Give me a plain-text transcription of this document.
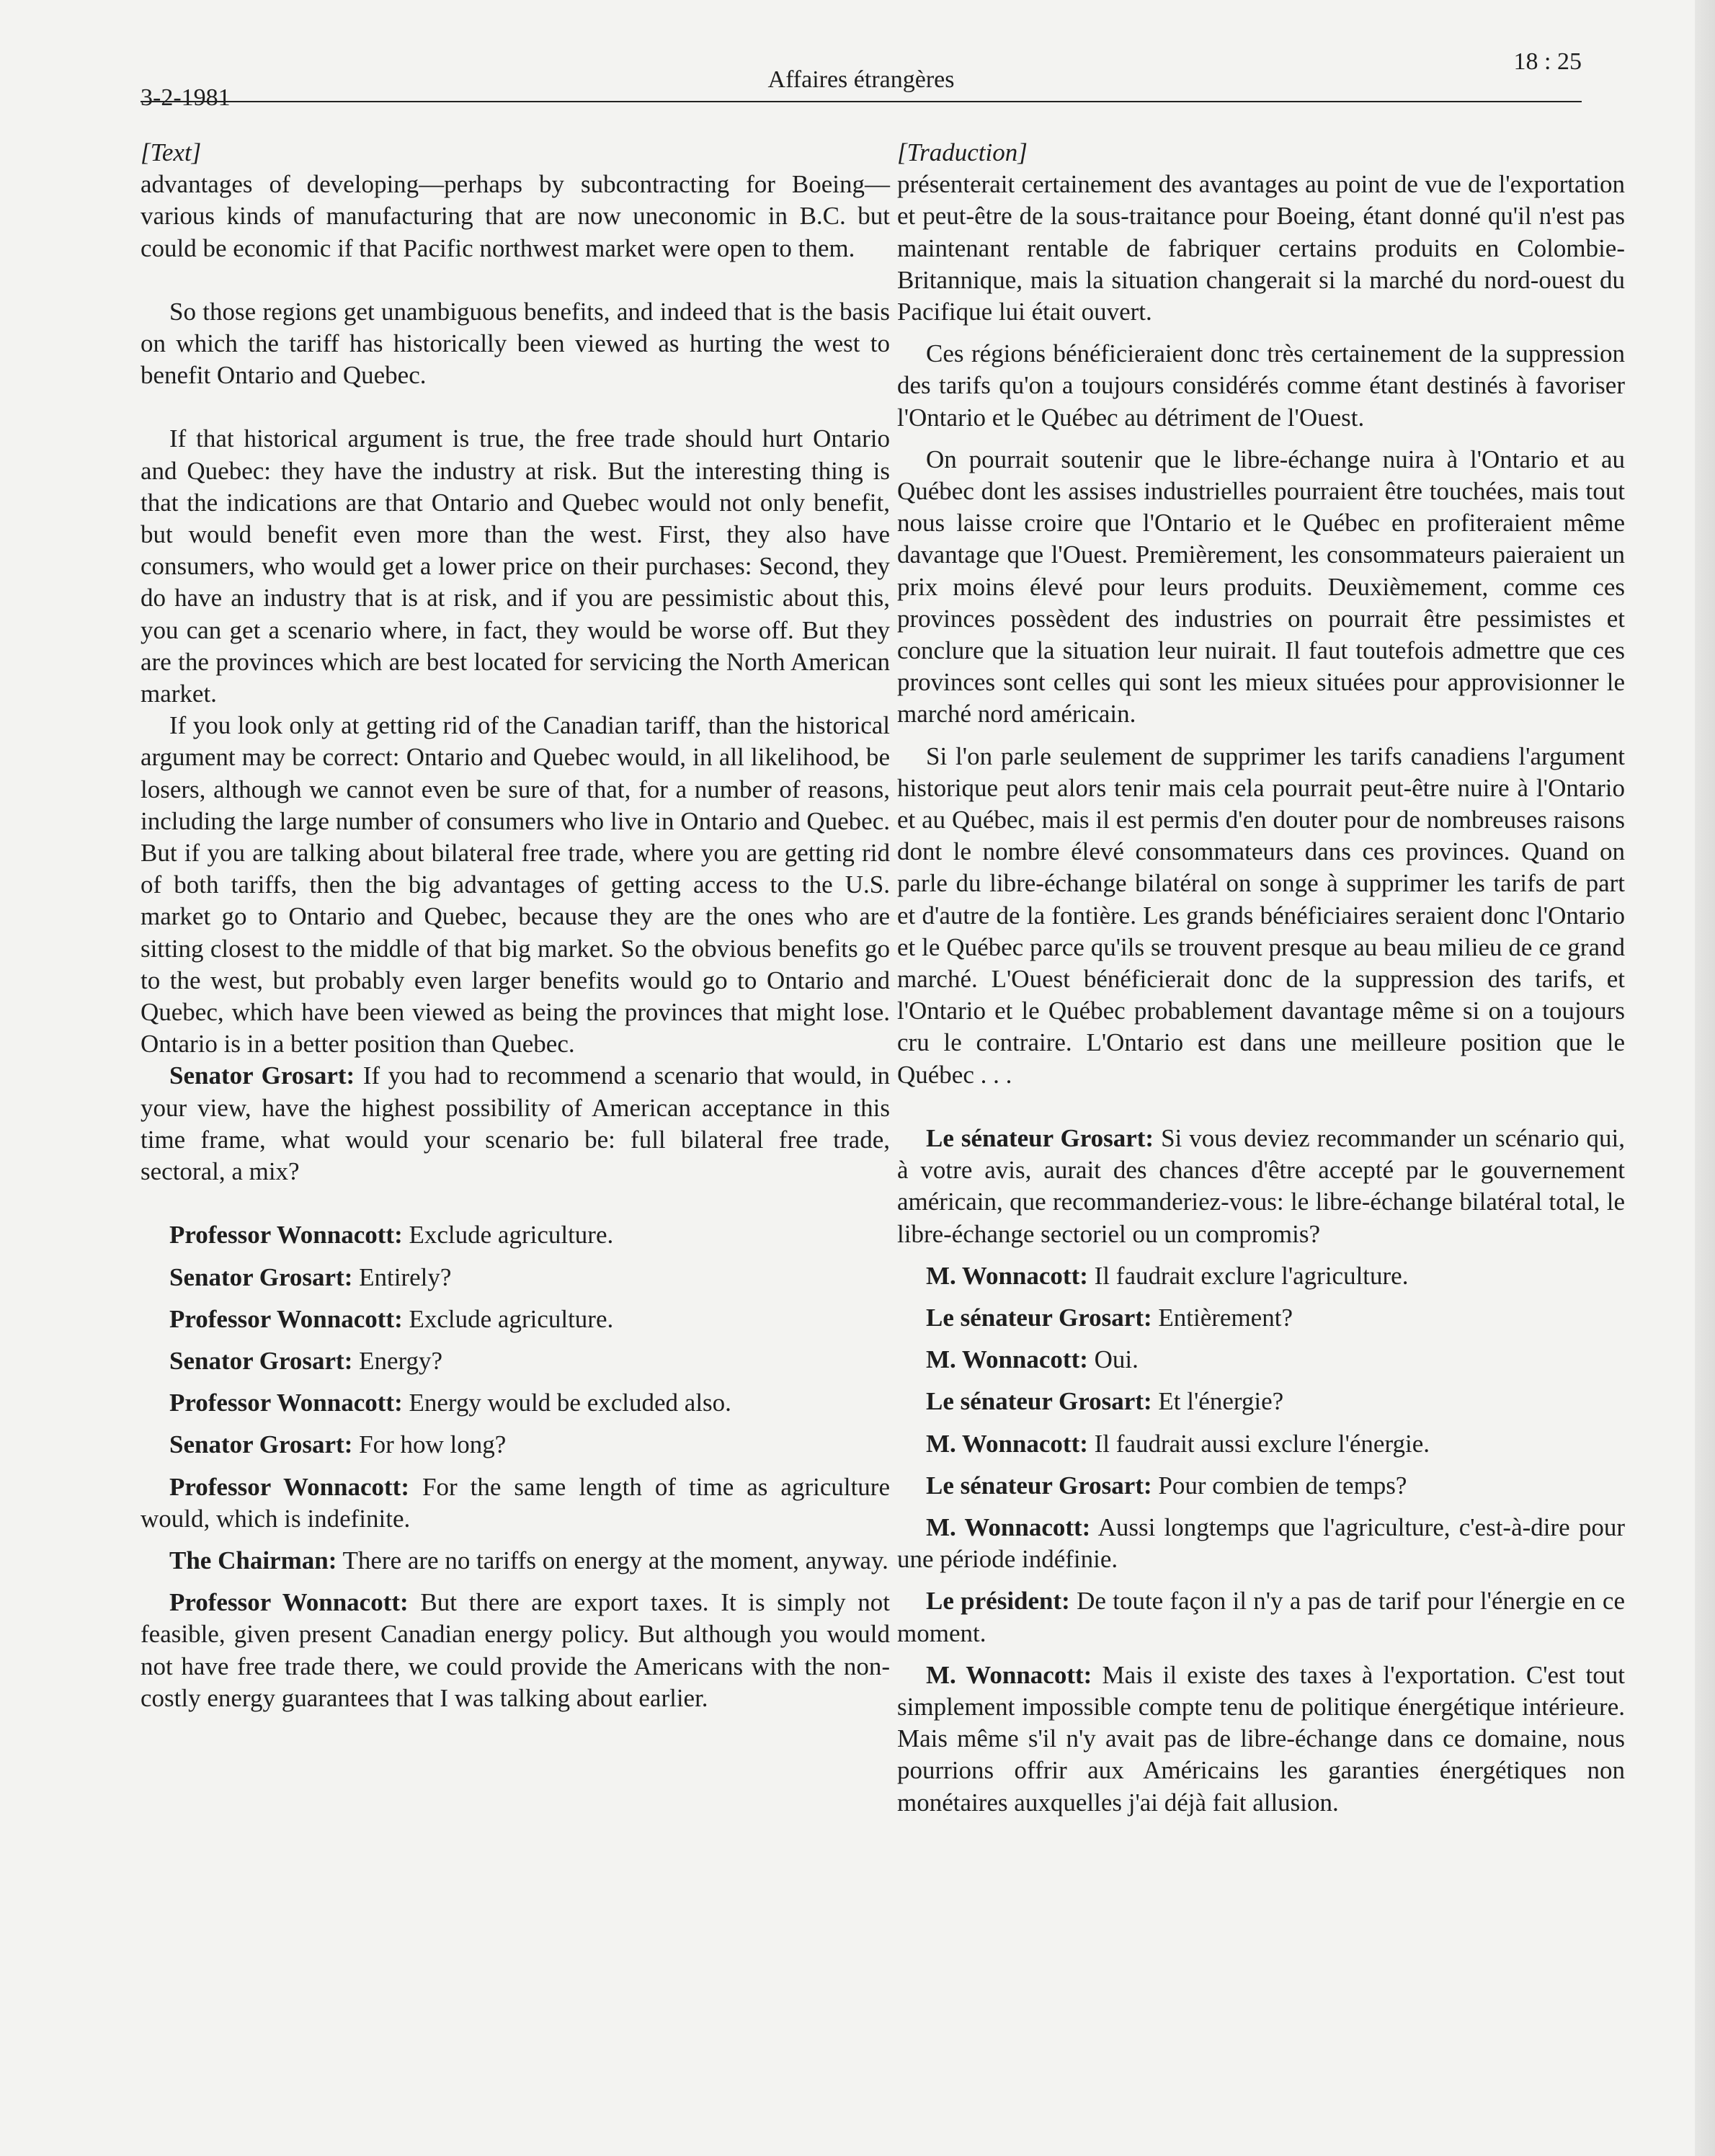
3-2-1981
Affaires étrangères
18 : 25

[Text]

advantages of developing—perhaps by subcontracting for Boeing—various kinds of manufacturing that are now uneconomic in B.C. but could be economic if that Pacific northwest market were open to them.

So those regions get unambiguous benefits, and indeed that is the basis on which the tariff has historically been viewed as hurting the west to benefit Ontario and Quebec.

If that historical argument is true, the free trade should hurt Ontario and Quebec: they have the industry at risk. But the interesting thing is that the indications are that Ontario and Quebec would not only benefit, but would benefit even more than the west. First, they also have consumers, who would get a lower price on their purchases: Second, they do have an industry that is at risk, and if you are pessimistic about this, you can get a scenario where, in fact, they would be worse off. But they are the provinces which are best located for servicing the North American market.

If you look only at getting rid of the Canadian tariff, than the historical argument may be correct: Ontario and Quebec would, in all likelihood, be losers, although we cannot even be sure of that, for a number of reasons, including the large number of consumers who live in Ontario and Quebec. But if you are talking about bilateral free trade, where you are getting rid of both tariffs, then the big advantages of getting access to the U.S. market go to Ontario and Quebec, because they are the ones who are sitting closest to the middle of that big market. So the obvious benefits go to the west, but probably even larger benefits would go to Ontario and Quebec, which have been viewed as being the provinces that might lose. Ontario is in a better position than Quebec.

Senator Grosart: If you had to recommend a scenario that would, in your view, have the highest possibility of American acceptance in this time frame, what would your scenario be: full bilateral free trade, sectoral, a mix?

Professor Wonnacott: Exclude agriculture.

Senator Grosart: Entirely?

Professor Wonnacott: Exclude agriculture.

Senator Grosart: Energy?

Professor Wonnacott: Energy would be excluded also.

Senator Grosart: For how long?

Professor Wonnacott: For the same length of time as agriculture would, which is indefinite.

The Chairman: There are no tariffs on energy at the moment, anyway.

Professor Wonnacott: But there are export taxes. It is simply not feasible, given present Canadian energy policy. But although you would not have free trade there, we could provide the Americans with the non-costly energy guarantees that I was talking about earlier.

[Traduction]

présenterait certainement des avantages au point de vue de l'exportation et peut-être de la sous-traitance pour Boeing, étant donné qu'il n'est pas maintenant rentable de fabriquer certains produits en Colombie-Britannique, mais la situation changerait si la marché du nord-ouest du Pacifique lui était ouvert.

Ces régions bénéficieraient donc très certainement de la suppression des tarifs qu'on a toujours considérés comme étant destinés à favoriser l'Ontario et le Québec au détriment de l'Ouest.

On pourrait soutenir que le libre-échange nuira à l'Ontario et au Québec dont les assises industrielles pourraient être touchées, mais tout nous laisse croire que l'Ontario et le Québec en profiteraient même davantage que l'Ouest. Premièrement, les consommateurs paieraient un prix moins élevé pour leurs produits. Deuxièmement, comme ces provinces possèdent des industries on pourrait être pessimistes et conclure que la situation leur nuirait. Il faut toutefois admettre que ces provinces sont celles qui sont les mieux situées pour approvisionner le marché nord américain.

Si l'on parle seulement de supprimer les tarifs canadiens l'argument historique peut alors tenir mais cela pourrait peut-être nuire à l'Ontario et au Québec, mais il est permis d'en douter pour de nombreuses raisons dont le nombre élevé consommateurs dans ces provinces. Quand on parle du libre-échange bilatéral on songe à supprimer les tarifs de part et d'autre de la fontière. Les grands bénéficiaires seraient donc l'Ontario et le Québec parce qu'ils se trouvent presque au beau milieu de ce grand marché. L'Ouest bénéficierait donc de la suppression des tarifs, et l'Ontario et le Québec probablement davantage même si on a toujours cru le contraire. L'Ontario est dans une meilleure position que le Québec . . .

Le sénateur Grosart: Si vous deviez recommander un scénario qui, à votre avis, aurait des chances d'être accepté par le gouvernement américain, que recommanderiez-vous: le libre-échange bilatéral total, le libre-échange sectoriel ou un compromis?

M. Wonnacott: Il faudrait exclure l'agriculture.

Le sénateur Grosart: Entièrement?

M. Wonnacott: Oui.

Le sénateur Grosart: Et l'énergie?

M. Wonnacott: Il faudrait aussi exclure l'énergie.

Le sénateur Grosart: Pour combien de temps?

M. Wonnacott: Aussi longtemps que l'agriculture, c'est-à-dire pour une période indéfinie.

Le président: De toute façon il n'y a pas de tarif pour l'énergie en ce moment.

M. Wonnacott: Mais il existe des taxes à l'exportation. C'est tout simplement impossible compte tenu de politique énergétique intérieure. Mais même s'il n'y avait pas de libre-échange dans ce domaine, nous pourrions offrir aux Américains les garanties énergétiques non monétaires auxquelles j'ai déjà fait allusion.
